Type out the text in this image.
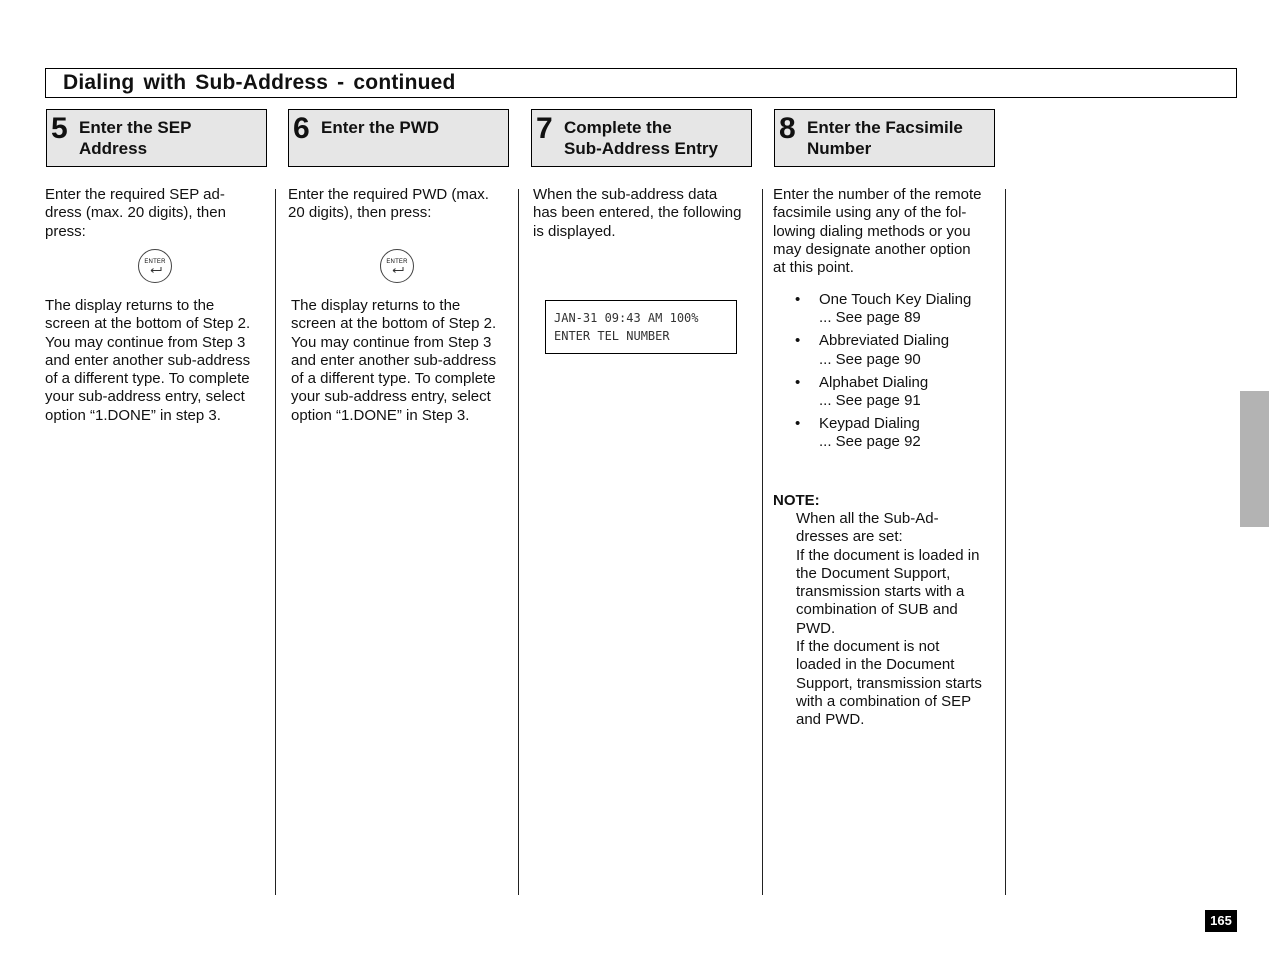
Dialing with Sub-Address - continued
5 Enter the SEP
Address
6 Enter the PWD	7 Complete the
Sub-Address Entry
8 Enter the Facsimile
Number
Enter the required SEP ad-
dress (max. 20 digits), then
press:
ENTER
The display returns to the
screen at the bottom of Step 2.
You may continue from Step 3
and enter another sub-address
of a different type. To complete
your sub-address entry, select
option “1.DONE” in step 3.
Enter the required PWD (max.
20 digits), then press:
ENTER
The display returns to the
screen at the bottom of Step 2.
You may continue from Step 3
and enter another sub-address
of a different type. To complete
your sub-address entry, select
option “1.DONE” in Step 3.
When the sub-address data
has been entered, the following
is displayed.
JAN-31 09:43 AM 100%
ENTER TEL NUMBER
Enter the number of the remote
facsimile using any of the fol-
lowing dialing methods or you
may designate another option
at this point.
• One Touch Key Dialing
... See page 89
• Abbreviated Dialing
... See page 90
• Alphabet Dialing
... See page 91
• Keypad Dialing
... See page 92
NOTE:
When all the Sub-Ad-
dresses are set:
If the document is loaded in
the Document Support,
transmission starts with a
combination of SUB and
PWD.
If the document is not
loaded in the Document
Support, transmission starts
with a combination of SEP
and PWD.
165
